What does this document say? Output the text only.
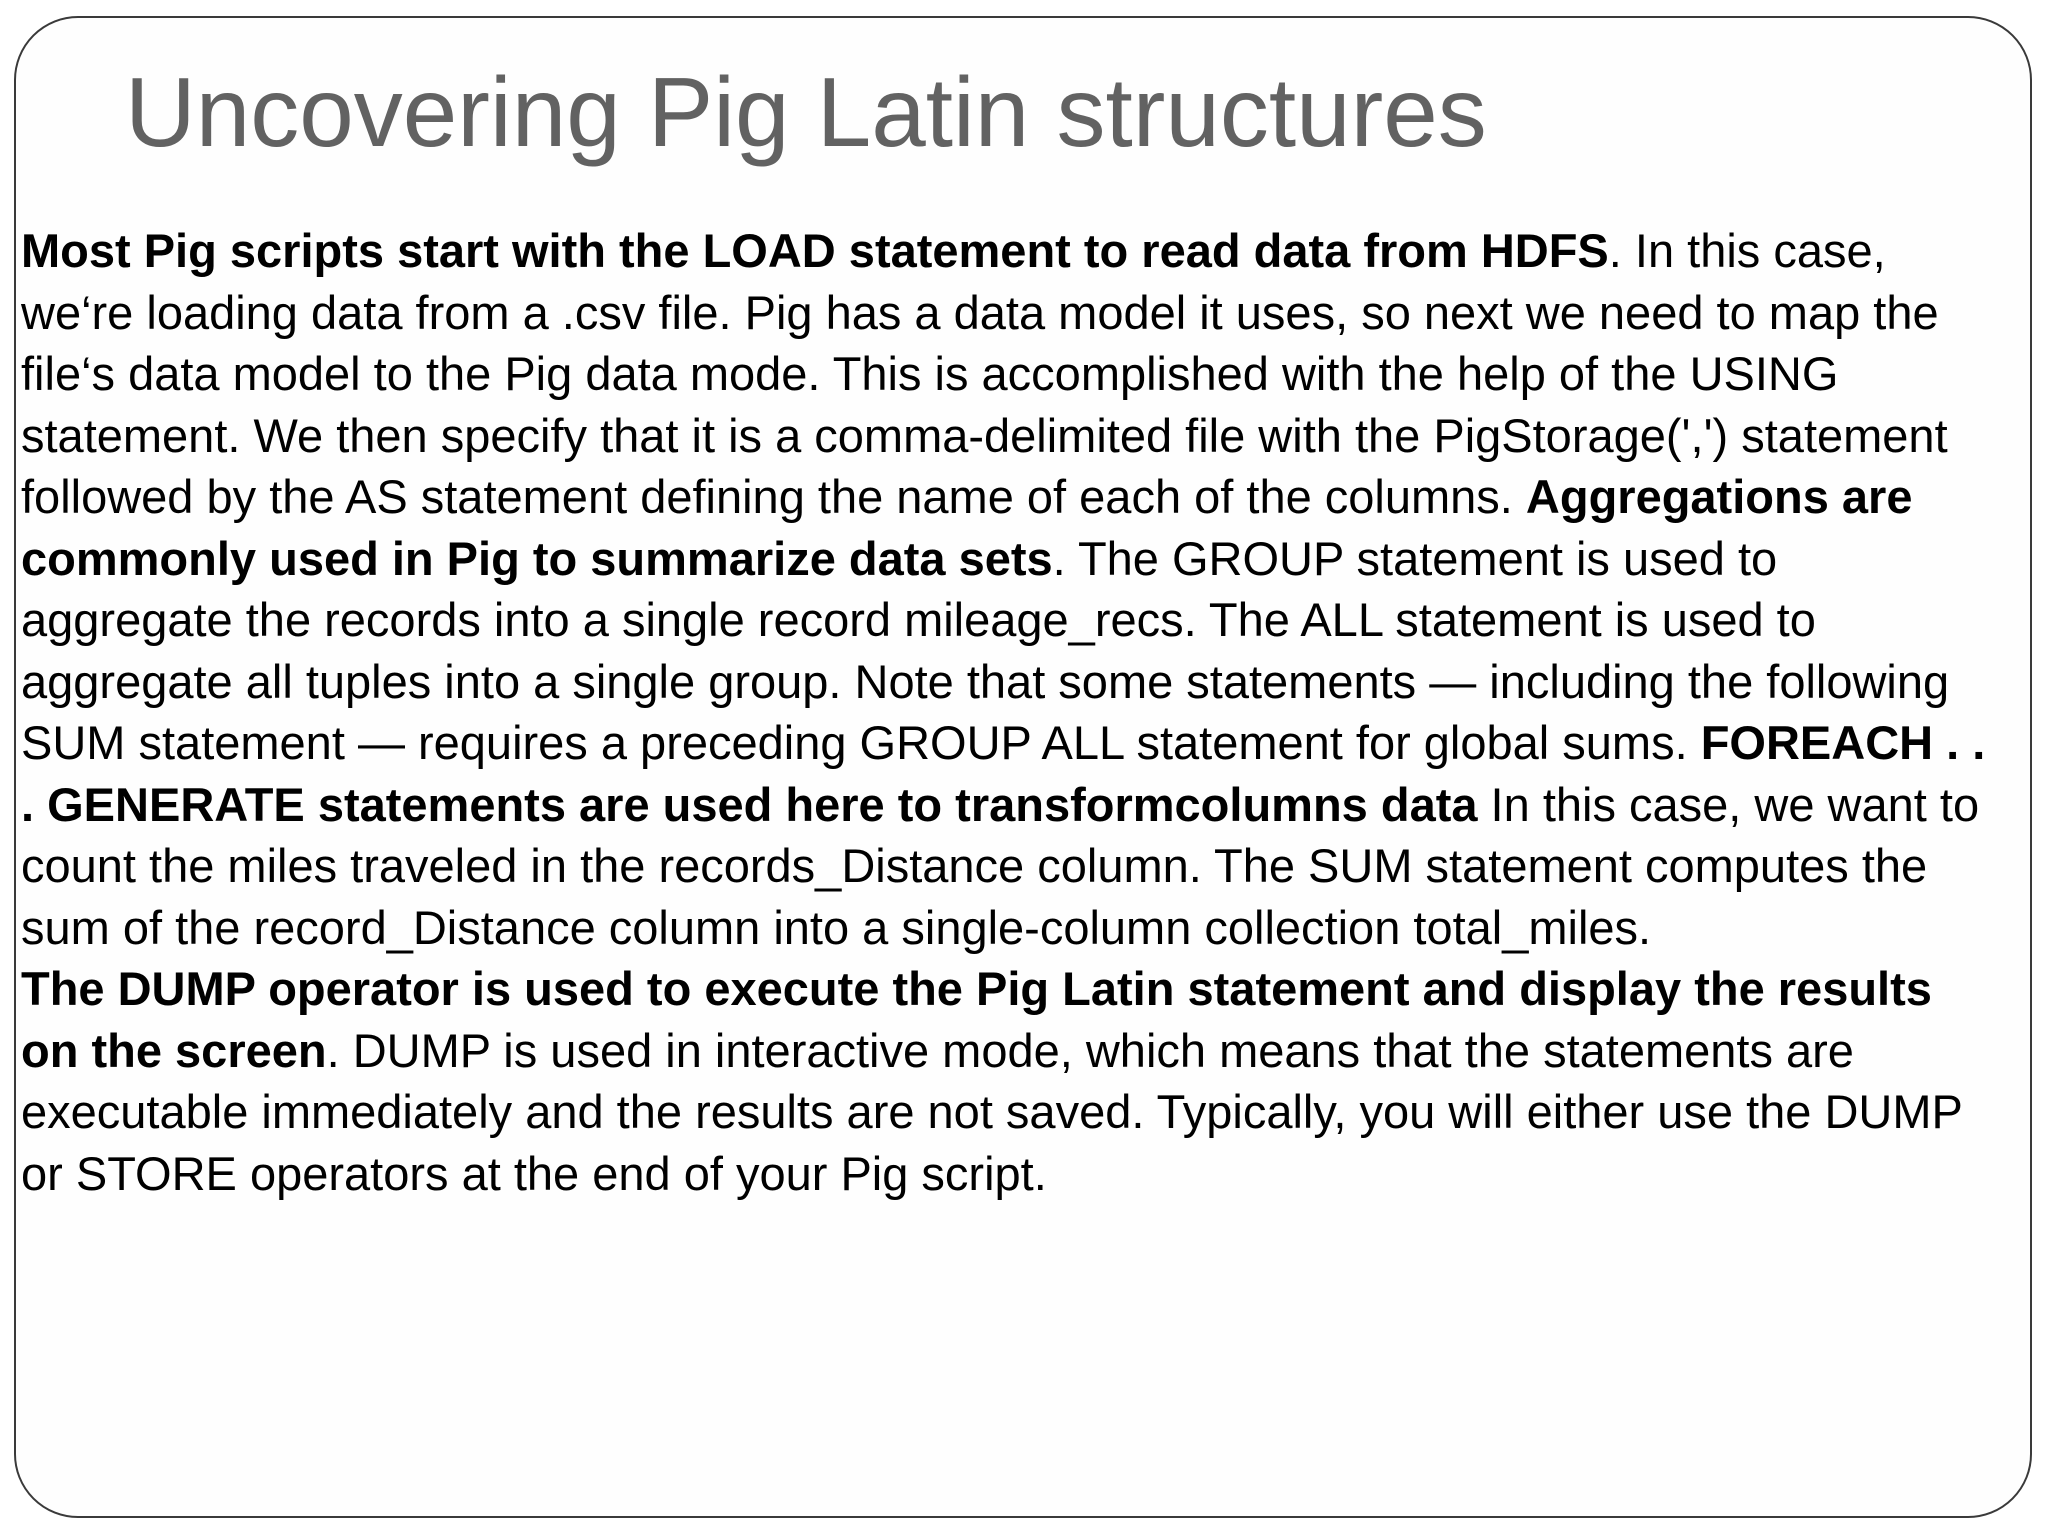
Uncovering Pig Latin structures

Most Pig scripts start with the LOAD statement to read data from HDFS. In this case, we‘re loading data from a .csv file. Pig has a data model it uses, so next we need to map the file‘s data model to the Pig data mode. This is accomplished with the help of the USING statement. We then specify that it is a comma-delimited file with the PigStorage(',') statement followed by the AS statement defining the name of each of the columns. Aggregations are commonly used in Pig to summarize data sets. The GROUP statement is used to aggregate the records into a single record mileage_recs. The ALL statement is used to aggregate all tuples into a single group. Note that some statements — including the following SUM statement — requires a preceding GROUP ALL statement for global sums. FOREACH . . . GENERATE statements are used here to transformcolumns data In this case, we want to count the miles traveled in the records_Distance column. The SUM statement computes the sum of the record_Distance column into a single-column collection total_miles.

The DUMP operator is used to execute the Pig Latin statement and display the results on the screen. DUMP is used in interactive mode, which means that the statements are executable immediately and the results are not saved. Typically, you will either use the DUMP or STORE operators at the end of your Pig script.
